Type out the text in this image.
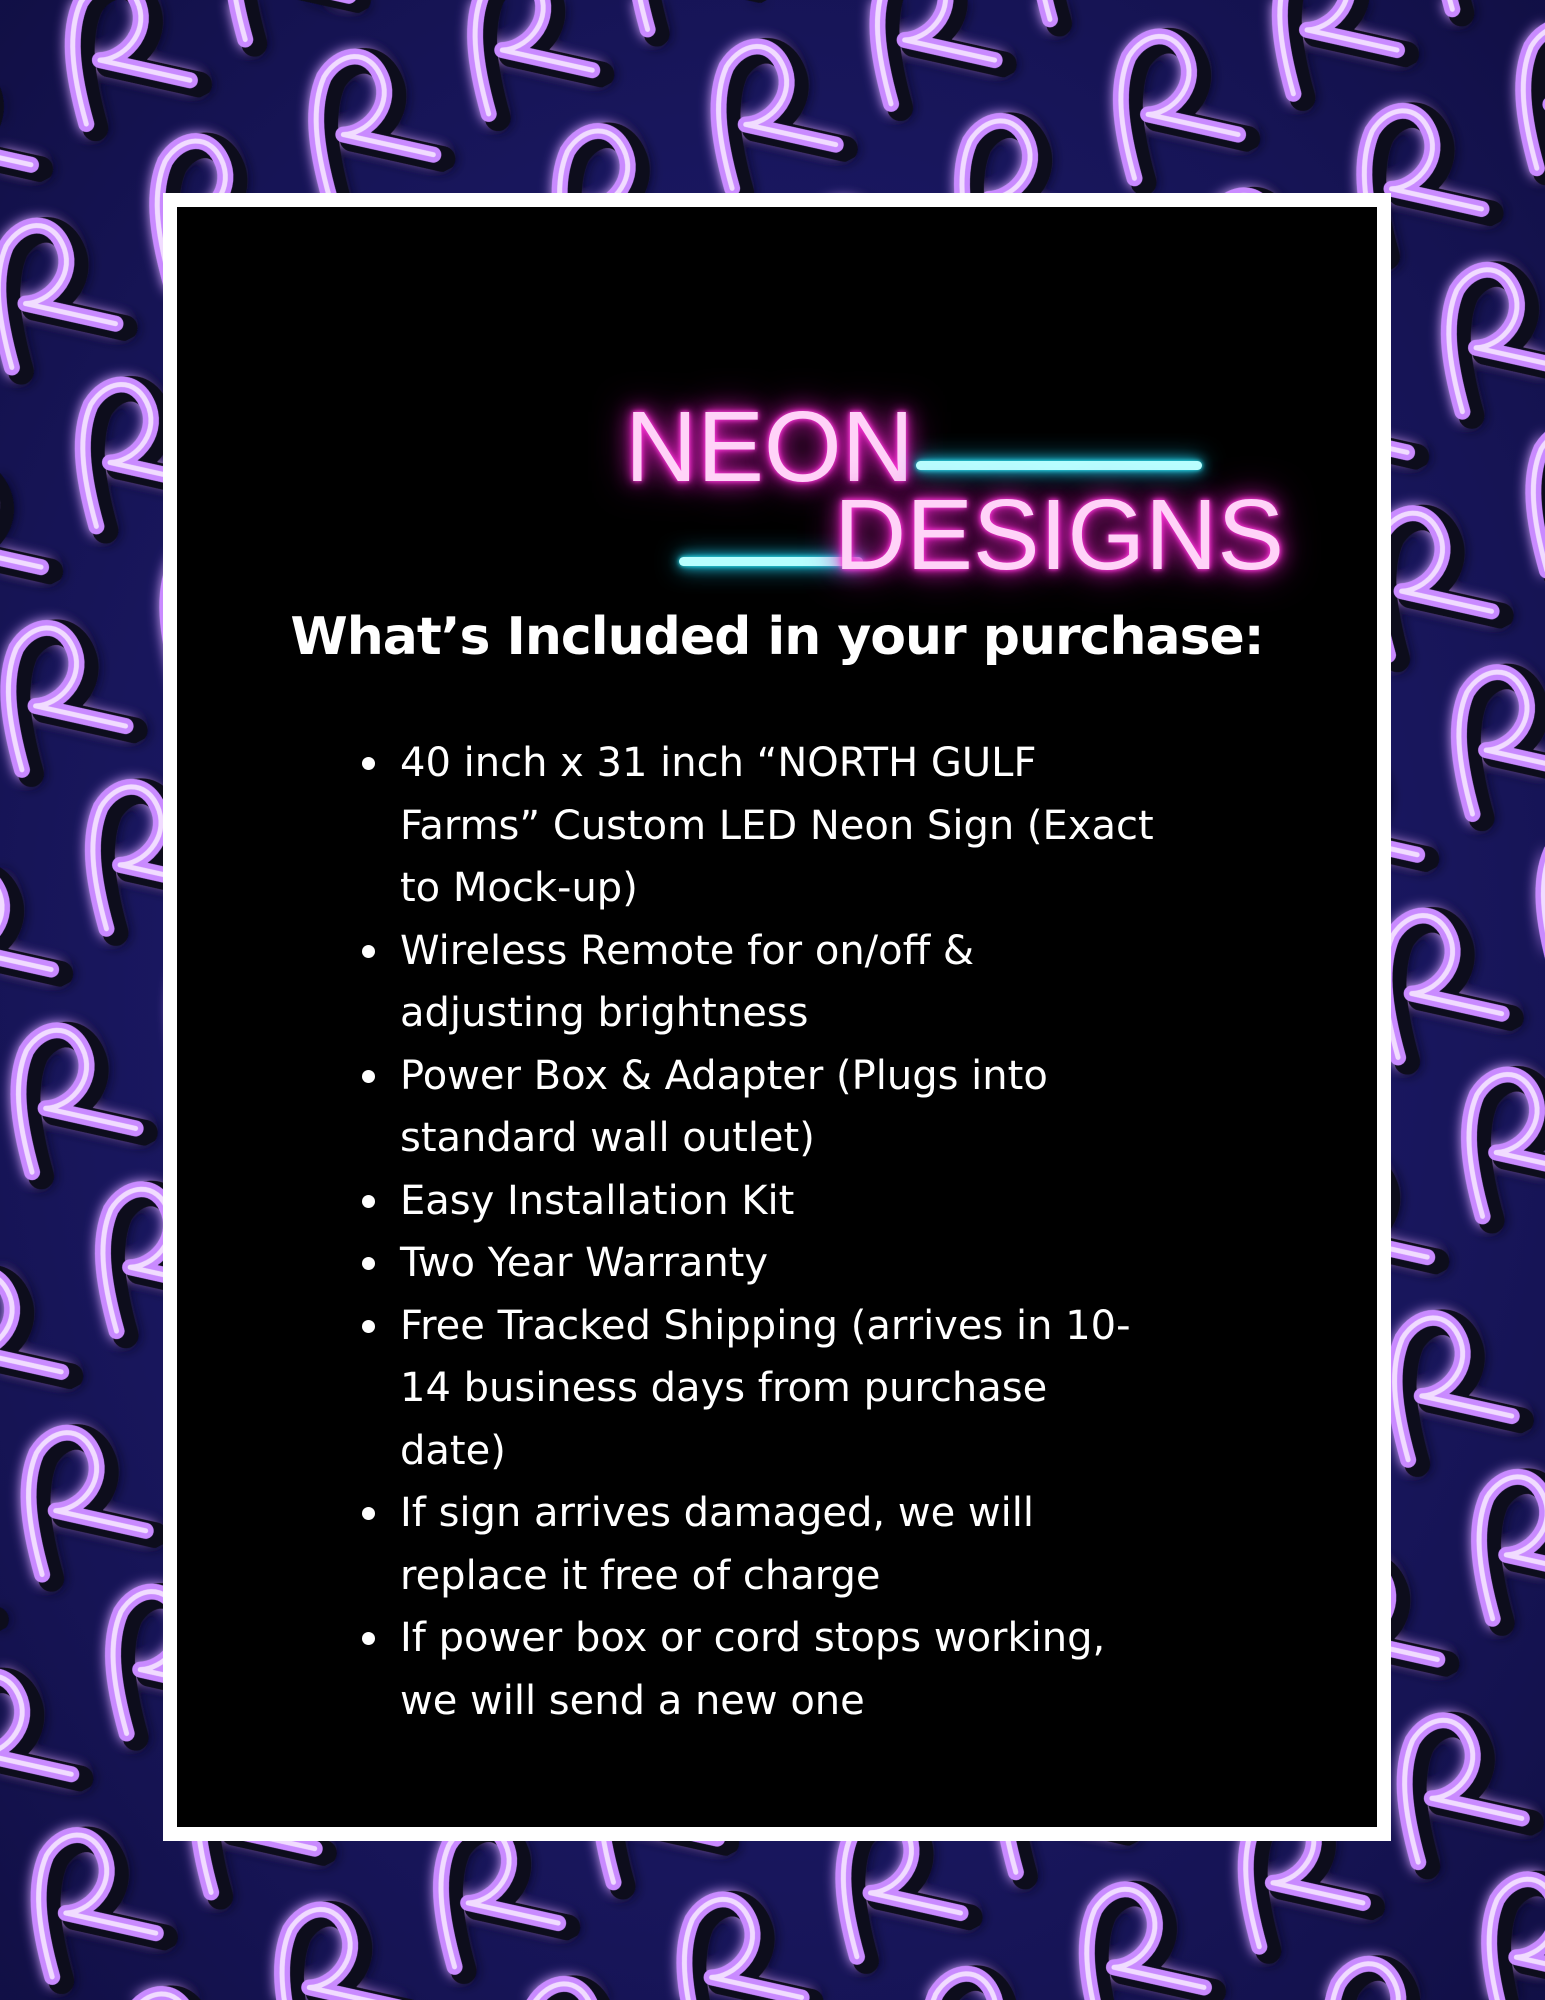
NEON
DESIGNS
What’s Included in your purchase:
40 inch x 31 inch “NORTH GULF Farms” Custom LED Neon Sign (Exact to Mock-up)
Wireless Remote for on/off & adjusting brightness
Power Box & Adapter (Plugs into standard wall outlet)
Easy Installation Kit
Two Year Warranty
Free Tracked Shipping (arrives in 10-14 business days from purchase date)
If sign arrives damaged, we will replace it free of charge
If power box or cord stops working, we will send a new one
